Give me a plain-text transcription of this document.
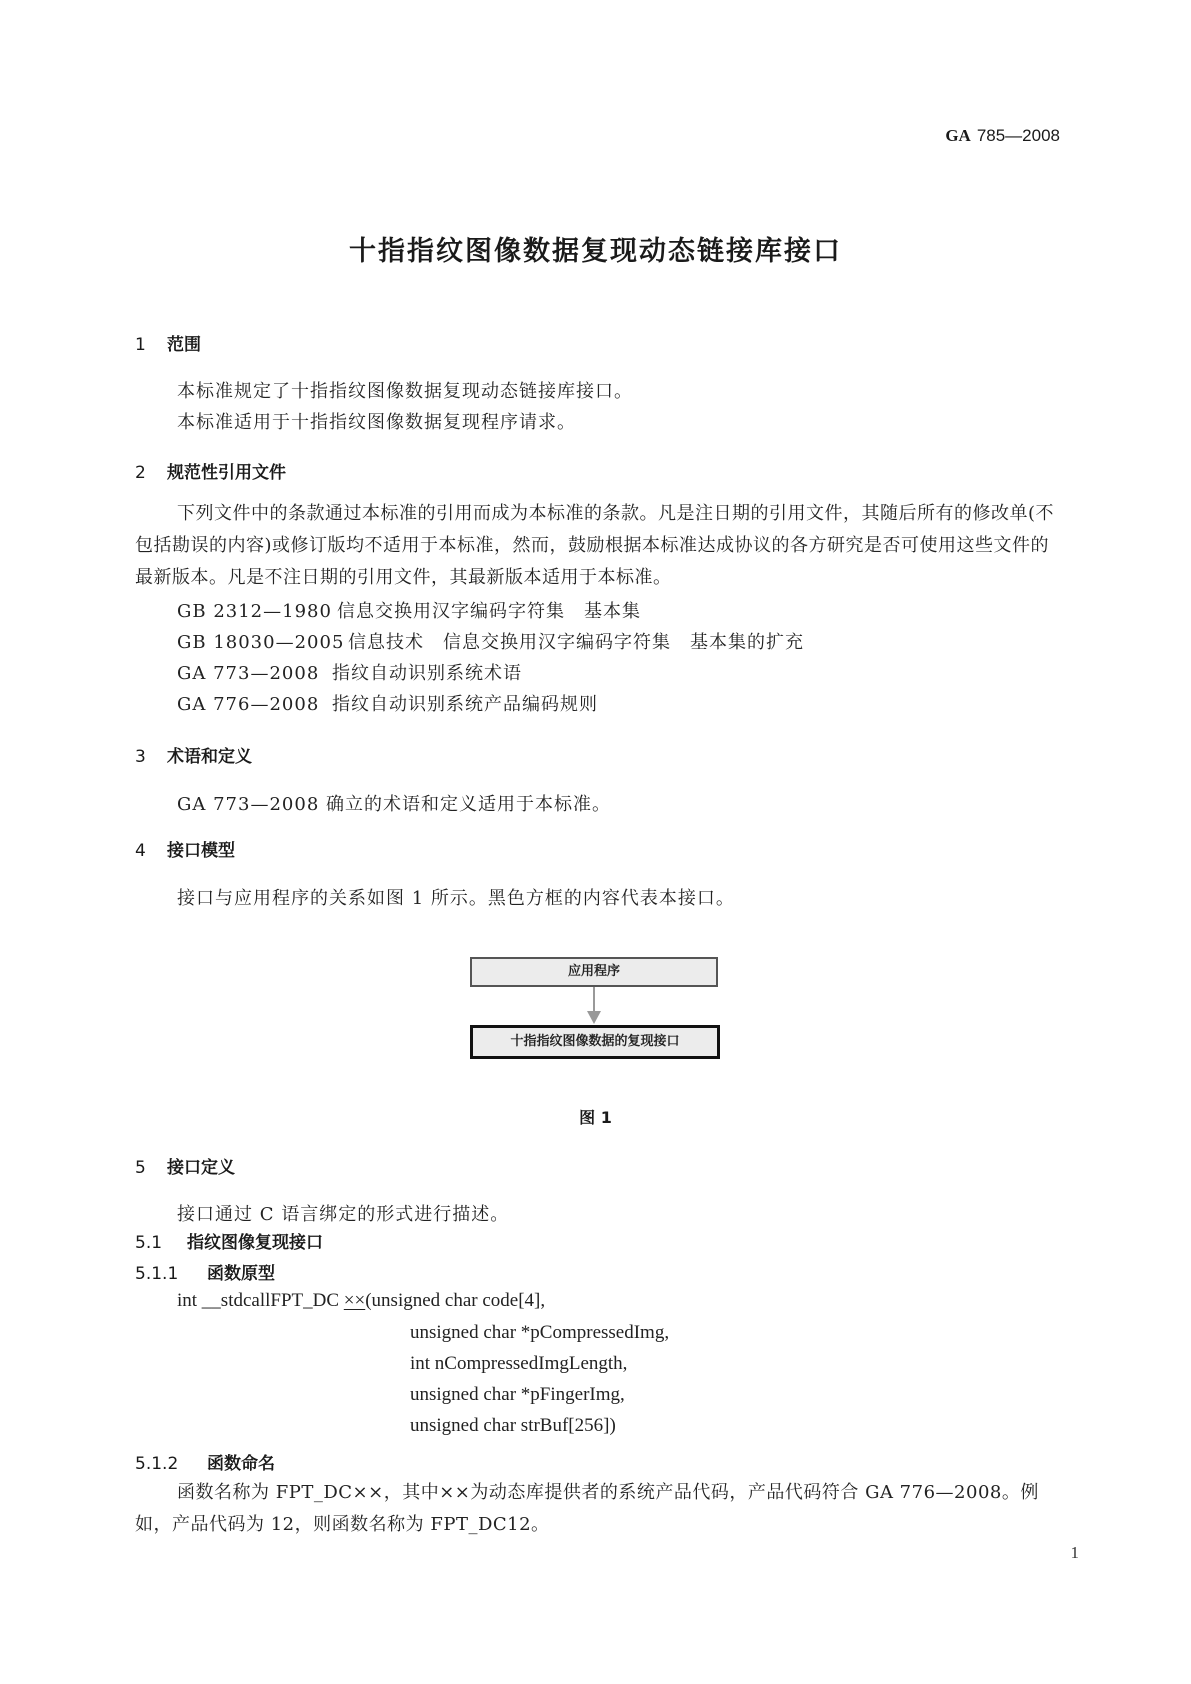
GA 785—2008
十指指纹图像数据复现动态链接库接口
1 范围
本标准规定了十指指纹图像数据复现动态链接库接口。
本标准适用于十指指纹图像数据复现程序请求。
2 规范性引用文件
下列文件中的条款通过本标准的引用而成为本标准的条款。凡是注日期的引用文件，其随后所有的修改单(不包括勘误的内容)或修订版均不适用于本标准，然而，鼓励根据本标准达成协议的各方研究是否可使用这些文件的最新版本。凡是不注日期的引用文件，其最新版本适用于本标准。
GB 2312—1980 信息交换用汉字编码字符集　基本集
GB 18030—2005 信息技术　信息交换用汉字编码字符集　基本集的扩充
GA 773—2008 指纹自动识别系统术语
GA 776—2008 指纹自动识别系统产品编码规则
3 术语和定义
GA 773—2008 确立的术语和定义适用于本标准。
4 接口模型
接口与应用程序的关系如图 1 所示。黑色方框的内容代表本接口。
应用程序
十指指纹图像数据的复现接口
图 1
5 接口定义
接口通过 C 语言绑定的形式进行描述。
5.1 指纹图像复现接口
5.1.1 函数原型
int __stdcallFPT_DC ××(unsigned char code[4],
unsigned char *pCompressedImg,
int nCompressedImgLength,
unsigned char *pFingerImg,
unsigned char strBuf[256])
5.1.2 函数命名
函数名称为 FPT_DC××，其中××为动态库提供者的系统产品代码，产品代码符合 GA 776—2008。例如，产品代码为 12，则函数名称为 FPT_DC12。
1
